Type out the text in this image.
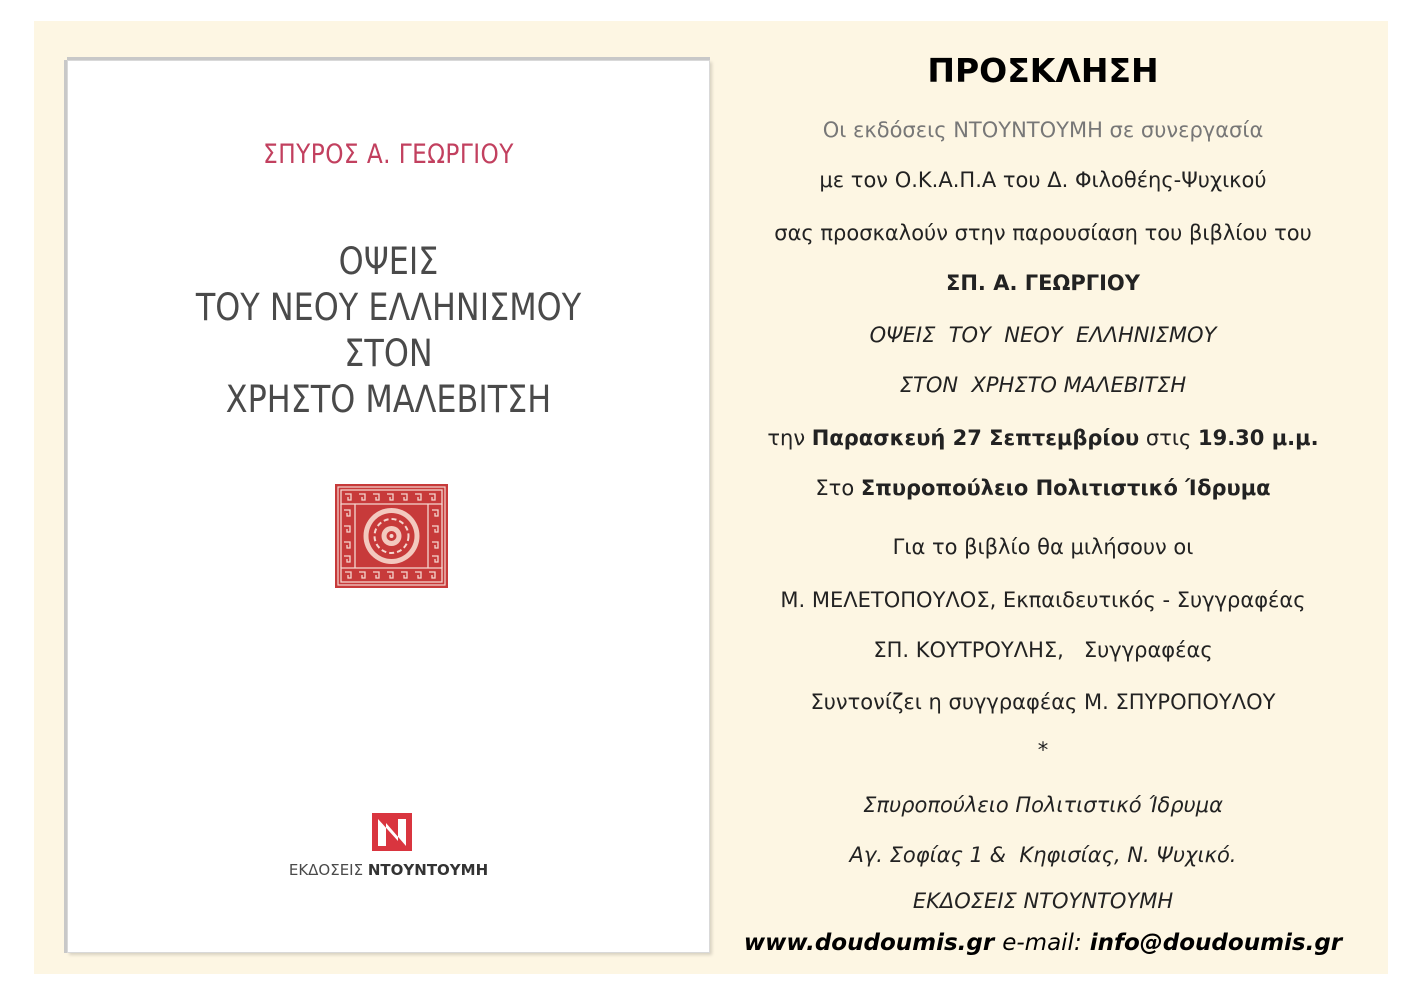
ΣΠΥΡΟΣ Α. ΓΕΩΡΓΙΟΥ
ΟΨΕΙΣ
ΤΟΥ ΝΕΟΥ ΕΛΛΗΝΙΣΜΟΥ
ΣΤΟΝ
ΧΡΗΣΤΟ ΜΑΛΕΒΙΤΣΗ
ΕΚΔΟΣΕΙΣ ΝΤΟΥΝΤΟΥΜΗ
ΠΡΟΣΚΛΗΣΗ
Οι εκδόσεις ΝΤΟΥΝΤΟΥΜΗ σε συνεργασία
με τον Ο.Κ.Α.Π.Α του Δ. Φιλοθέης-Ψυχικού
σας προσκαλούν στην παρουσίαση του βιβλίου του
ΣΠ. Α. ΓΕΩΡΓΙΟΥ
ΟΨΕΙΣ  ΤΟΥ  ΝΕΟΥ  ΕΛΛΗΝΙΣΜΟΥ
ΣΤΟΝ  ΧΡΗΣΤΟ ΜΑΛΕΒΙΤΣΗ
την Παρασκευή 27 Σεπτεμβρίου στις 19.30 μ.μ.
Στο Σπυροπούλειο Πολιτιστικό Ίδρυμα
Για το βιβλίο θα μιλήσουν οι
Μ. ΜΕΛΕΤΟΠΟΥΛΟΣ, Εκπαιδευτικός - Συγγραφέας
ΣΠ. ΚΟΥΤΡΟΥΛΗΣ,   Συγγραφέας
Συντονίζει η συγγραφέας Μ. ΣΠΥΡΟΠΟΥΛΟΥ
*
Σπυροπούλειο Πολιτιστικό Ίδρυμα
Αγ. Σοφίας 1 &  Κηφισίας, Ν. Ψυχικό.
ΕΚΔΟΣΕΙΣ ΝΤΟΥΝΤΟΥΜΗ
www.doudoumis.gr e-mail: info@doudoumis.gr
